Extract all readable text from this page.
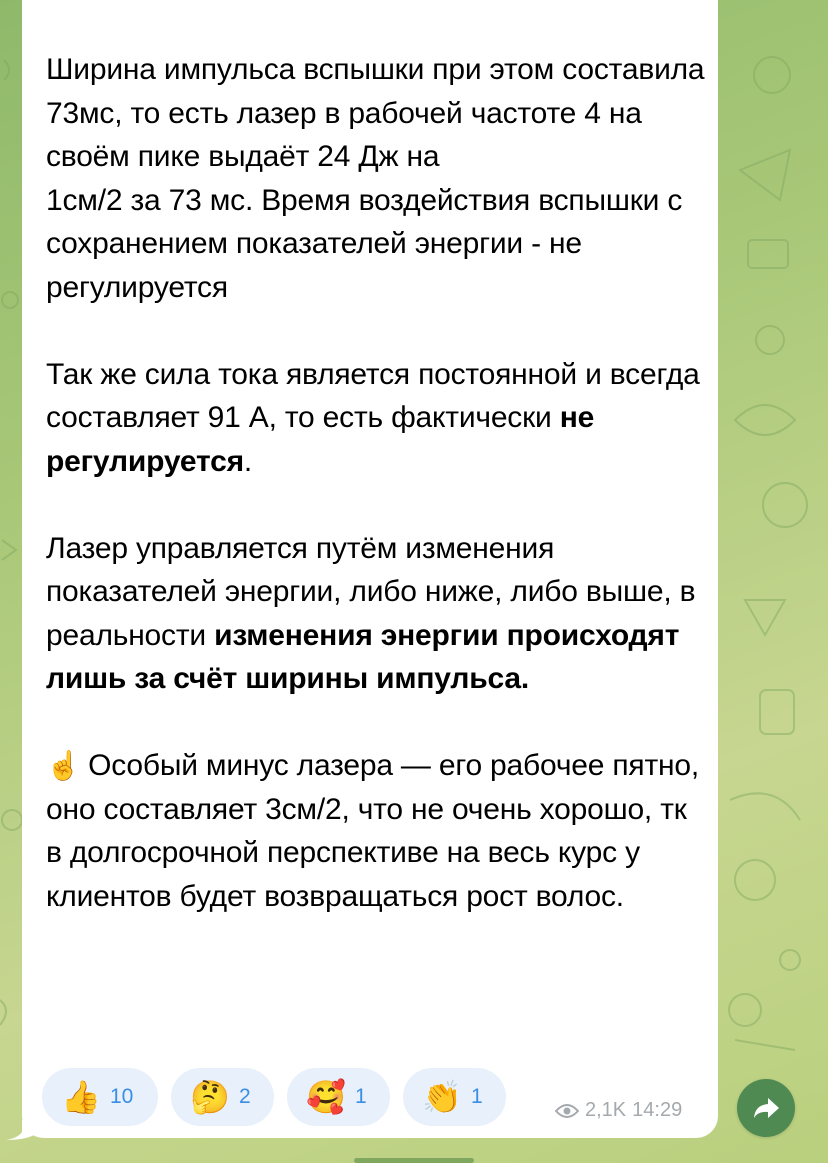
Ширина импульса вспышки при этом составила 73мс, то есть лазер в рабочей частоте 4 на своём пике выдаёт 24 Дж на

1см/2 за 73 мс. Время воздействия вспышки с сохранением показателей энергии - не регулируется

Так же сила тока является постоянной и всегда составляет 91 А, то есть фактически не регулируется.

Лазер управляется путём изменения показателей энергии, либо ниже, либо выше, в реальности изменения энергии происходят лишь за счёт ширины импульса.

☝️ Особый минус лазера — его рабочее пятно, оно составляет 3см/2, что не очень хорошо, тк в долгосрочной перспективе на весь курс у клиентов будет возвращаться рост волос.

👍 10 🤔 2 🥰 1 👏 1
2,1K 14:29
